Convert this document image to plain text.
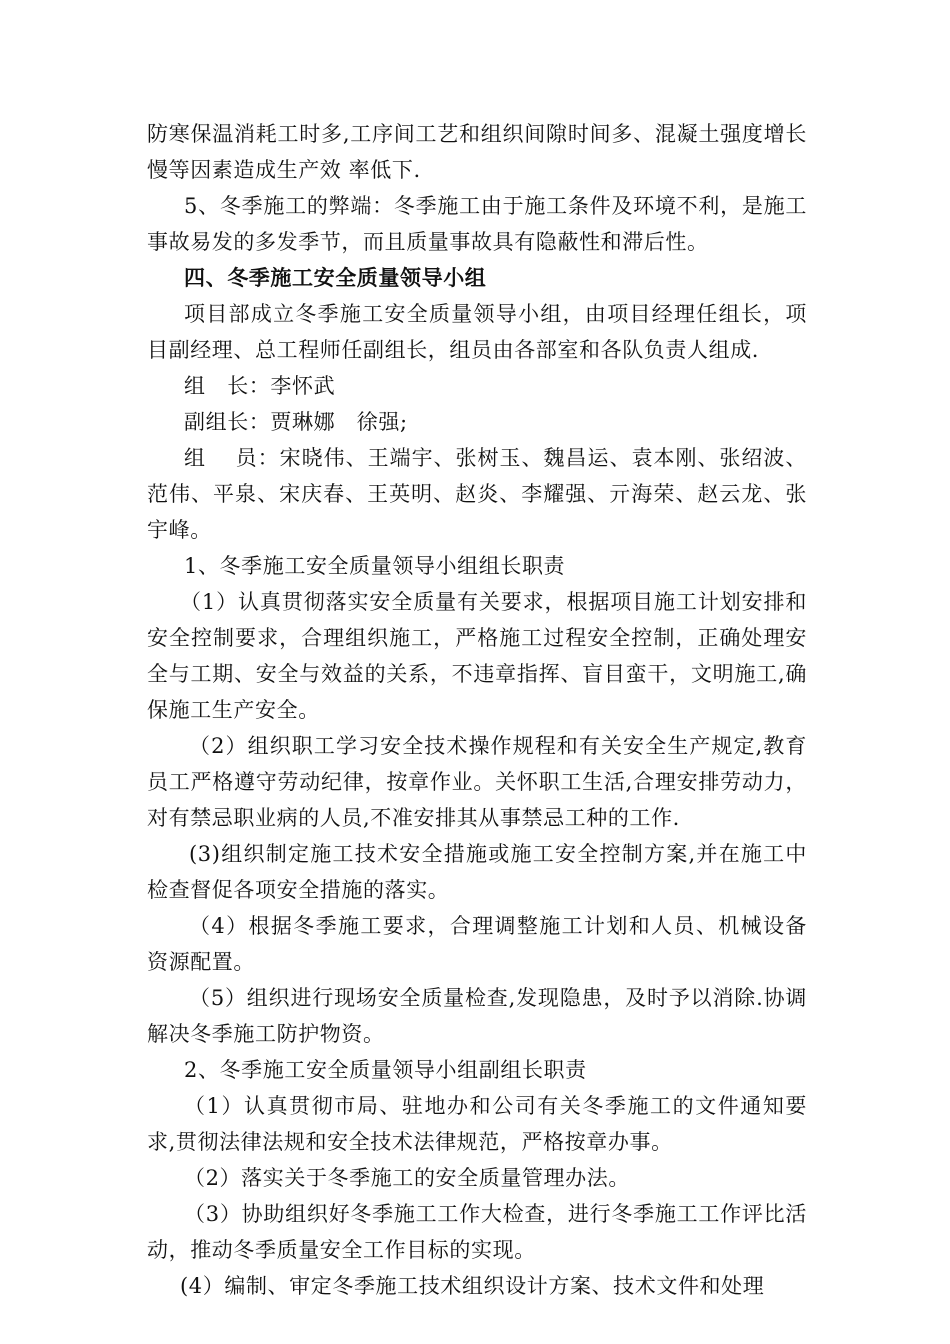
防寒保温消耗工时多,工序间工艺和组织间隙时间多、混凝土强度增长慢等因素造成生产效 率低下.

5、冬季施工的弊端：冬季施工由于施工条件及环境不利，是施工事故易发的多发季节，而且质量事故具有隐蔽性和滞后性。

四、冬季施工安全质量领导小组

项目部成立冬季施工安全质量领导小组，由项目经理任组长，项目副经理、总工程师任副组长，组员由各部室和各队负责人组成.

组　长：李怀武

副组长：贾琳娜　徐强;

组　 员：宋晓伟、王端宇、张树玉、魏昌运、袁本刚、张绍波、范伟、平泉、宋庆春、王英明、赵炎、李耀强、亓海荣、赵云龙、张宇峰。

1、冬季施工安全质量领导小组组长职责

（1）认真贯彻落实安全质量有关要求，根据项目施工计划安排和安全控制要求，合理组织施工，严格施工过程安全控制，正确处理安全与工期、安全与效益的关系，不违章指挥、盲目蛮干，文明施工,确保施工生产安全。

（2）组织职工学习安全技术操作规程和有关安全生产规定,教育员工严格遵守劳动纪律，按章作业。关怀职工生活,合理安排劳动力，对有禁忌职业病的人员,不准安排其从事禁忌工种的工作.

(3)组织制定施工技术安全措施或施工安全控制方案,并在施工中检查督促各项安全措施的落实。

（4）根据冬季施工要求，合理调整施工计划和人员、机械设备资源配置。

（5）组织进行现场安全质量检查,发现隐患，及时予以消除.协调解决冬季施工防护物资。

2、冬季施工安全质量领导小组副组长职责

（1）认真贯彻市局、驻地办和公司有关冬季施工的文件通知要求,贯彻法律法规和安全技术法律规范，严格按章办事。

（2）落实关于冬季施工的安全质量管理办法。

（3）协助组织好冬季施工工作大检查，进行冬季施工工作评比活动，推动冬季质量安全工作目标的实现。

(4）编制、审定冬季施工技术组织设计方案、技术文件和处理
